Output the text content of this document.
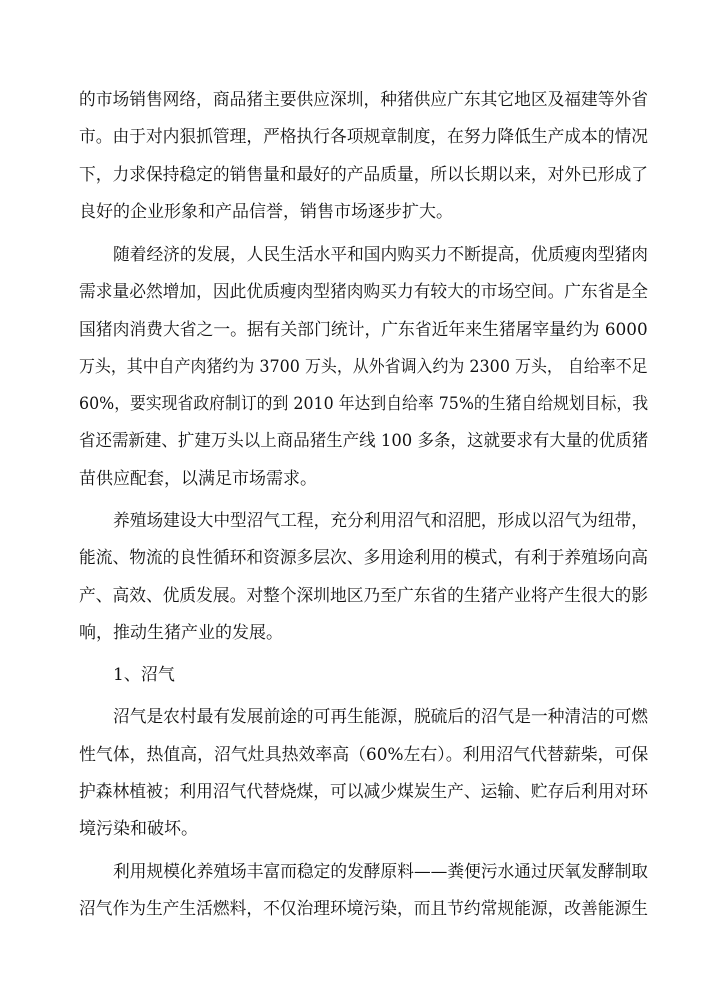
的市场销售网络，商品猪主要供应深圳，种猪供应广东其它地区及福建等外省
市。由于对内狠抓管理，严格执行各项规章制度，在努力降低生产成本的情况
下，力求保持稳定的销售量和最好的产品质量，所以长期以来，对外已形成了
良好的企业形象和产品信誉，销售市场逐步扩大。
随着经济的发展，人民生活水平和国内购买力不断提高，优质瘦肉型猪肉
需求量必然增加，因此优质瘦肉型猪肉购买力有较大的市场空间。广东省是全
国猪肉消费大省之一。据有关部门统计，广东省近年来生猪屠宰量约为 6000
万头，其中自产肉猪约为 3700 万头，从外省调入约为 2300 万头， 自给率不足
60%，要实现省政府制订的到 2010 年达到自给率 75%的生猪自给规划目标，我
省还需新建、扩建万头以上商品猪生产线 100 多条，这就要求有大量的优质猪
苗供应配套，以满足市场需求。
养殖场建设大中型沼气工程，充分利用沼气和沼肥，形成以沼气为纽带，
能流、物流的良性循环和资源多层次、多用途利用的模式，有利于养殖场向高
产、高效、优质发展。对整个深圳地区乃至广东省的生猪产业将产生很大的影
响，推动生猪产业的发展。
1、沼气
沼气是农村最有发展前途的可再生能源，脱硫后的沼气是一种清洁的可燃
性气体，热值高，沼气灶具热效率高（60%左右）。利用沼气代替薪柴，可保
护森林植被；利用沼气代替烧煤，可以减少煤炭生产、运输、贮存后利用对环
境污染和破坏。
利用规模化养殖场丰富而稳定的发酵原料——粪便污水通过厌氧发酵制取
沼气作为生产生活燃料，不仅治理环境污染，而且节约常规能源，改善能源生
